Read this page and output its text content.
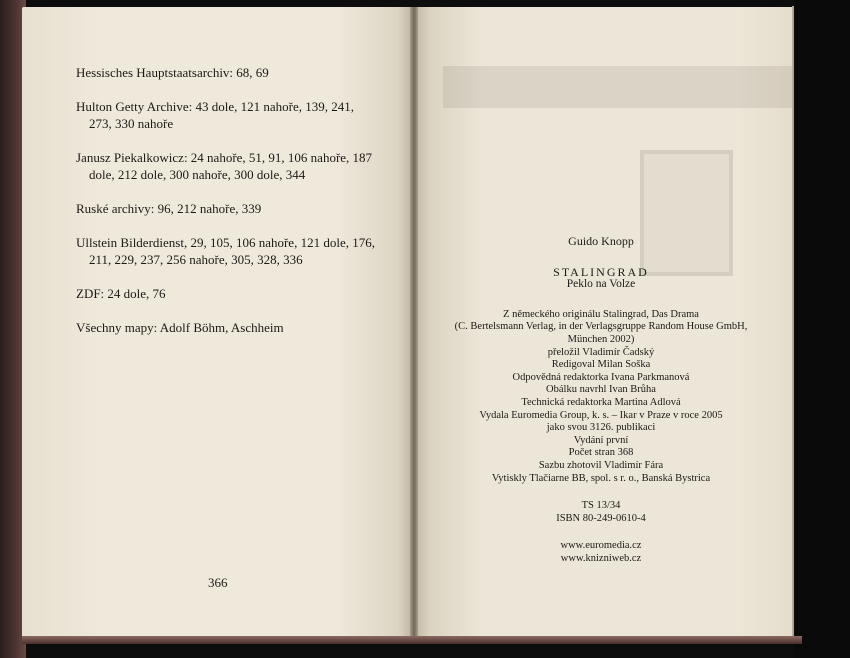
Hessisches Hauptstaatsarchiv: 68, 69

Hulton Getty Archive: 43 dole, 121 nahoře, 139, 241, 273, 330 nahoře

Janusz Piekalkowicz: 24 nahoře, 51, 91, 106 nahoře, 187 dole, 212 dole, 300 nahoře, 300 dole, 344

Ruské archivy: 96, 212 nahoře, 339

Ullstein Bilderdienst, 29, 105, 106 nahoře, 121 dole, 176, 211, 229, 237, 256 nahoře, 305, 328, 336

ZDF: 24 dole, 76

Všechny mapy: Adolf Böhm, Aschheim

366
Guido Knopp
STALINGRAD
Peklo na Volze
Z německého originálu Stalingrad, Das Drama
(C. Bertelsmann Verlag, in der Verlagsgruppe Random House GmbH,
München 2002)
přeložil Vladimír Čadský
Redigoval Milan Soška
Odpovědná redaktorka Ivana Parkmanová
Obálku navrhl Ivan Brůha
Technická redaktorka Martina Adlová
Vydala Euromedia Group, k. s. – Ikar v Praze v roce 2005
jako svou 3126. publikaci
Vydání první
Počet stran 368
Sazbu zhotovil Vladimír Fára
Vytiskly Tlačiarne BB, spol. s r. o., Banská Bystrica
TS 13/34
ISBN 80-249-0610-4
www.euromedia.cz
www.knizniweb.cz
